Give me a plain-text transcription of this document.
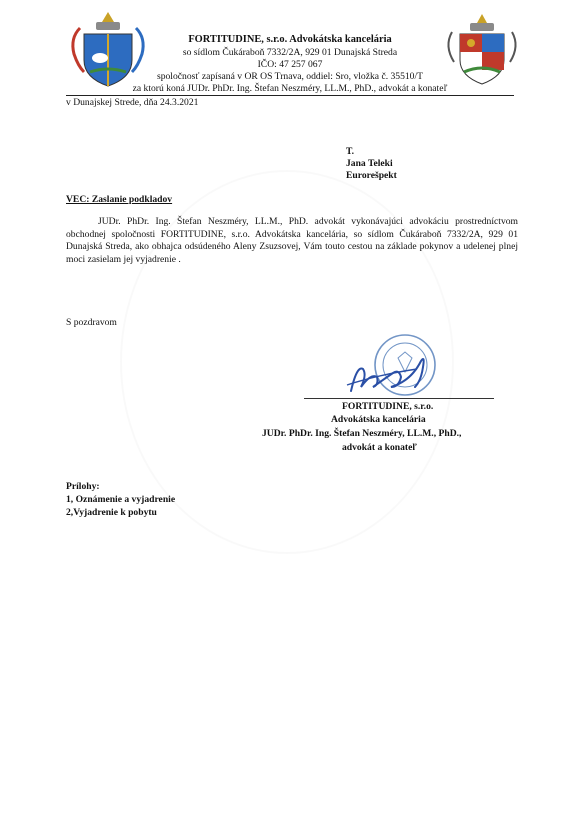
FORTITUDINE, s.r.o. Advokátska kancelária
so sídlom Čukárabоň 7332/2A, 929 01 Dunajská Streda
IČO: 47 257 067
spoločnosť zapísaná v OR OS Trnava, oddiel: Sro, vložka č. 35510/T
za ktorú koná JUDr. PhDr. Ing. Štefan Neszméry, LL.M., PhD., advokát a konateľ
v Dunajskej Strede, dňa 24.3.2021
T.
Jana Teleki
Eurorešpekt
VEC: Zaslanie podkladov
JUDr. PhDr. Ing. Štefan Neszméry, LL.M., PhD. advokát vykonávajúci advokáciu prostredníctvom obchodnej spoločnosti FORTITUDINE, s.r.o. Advokátska kancelária, so sídlom Čukárabоň 7332/2A, 929 01 Dunajská Streda, ako obhajca odsúdeného Aleny Zsuzsovej, Vám touto cestou na základe pokynov a udelenej plnej moci zasielam jej vyjadrenie .
S pozdravom
FORTITUDINE, s.r.o.
Advokátska kancelária
JUDr. PhDr. Ing. Štefan Neszméry, LL.M., PhD.,
advokát a konateľ
Prílohy:
1, Oznámenie a vyjadrenie
2,Vyjadrenie k pobytu
